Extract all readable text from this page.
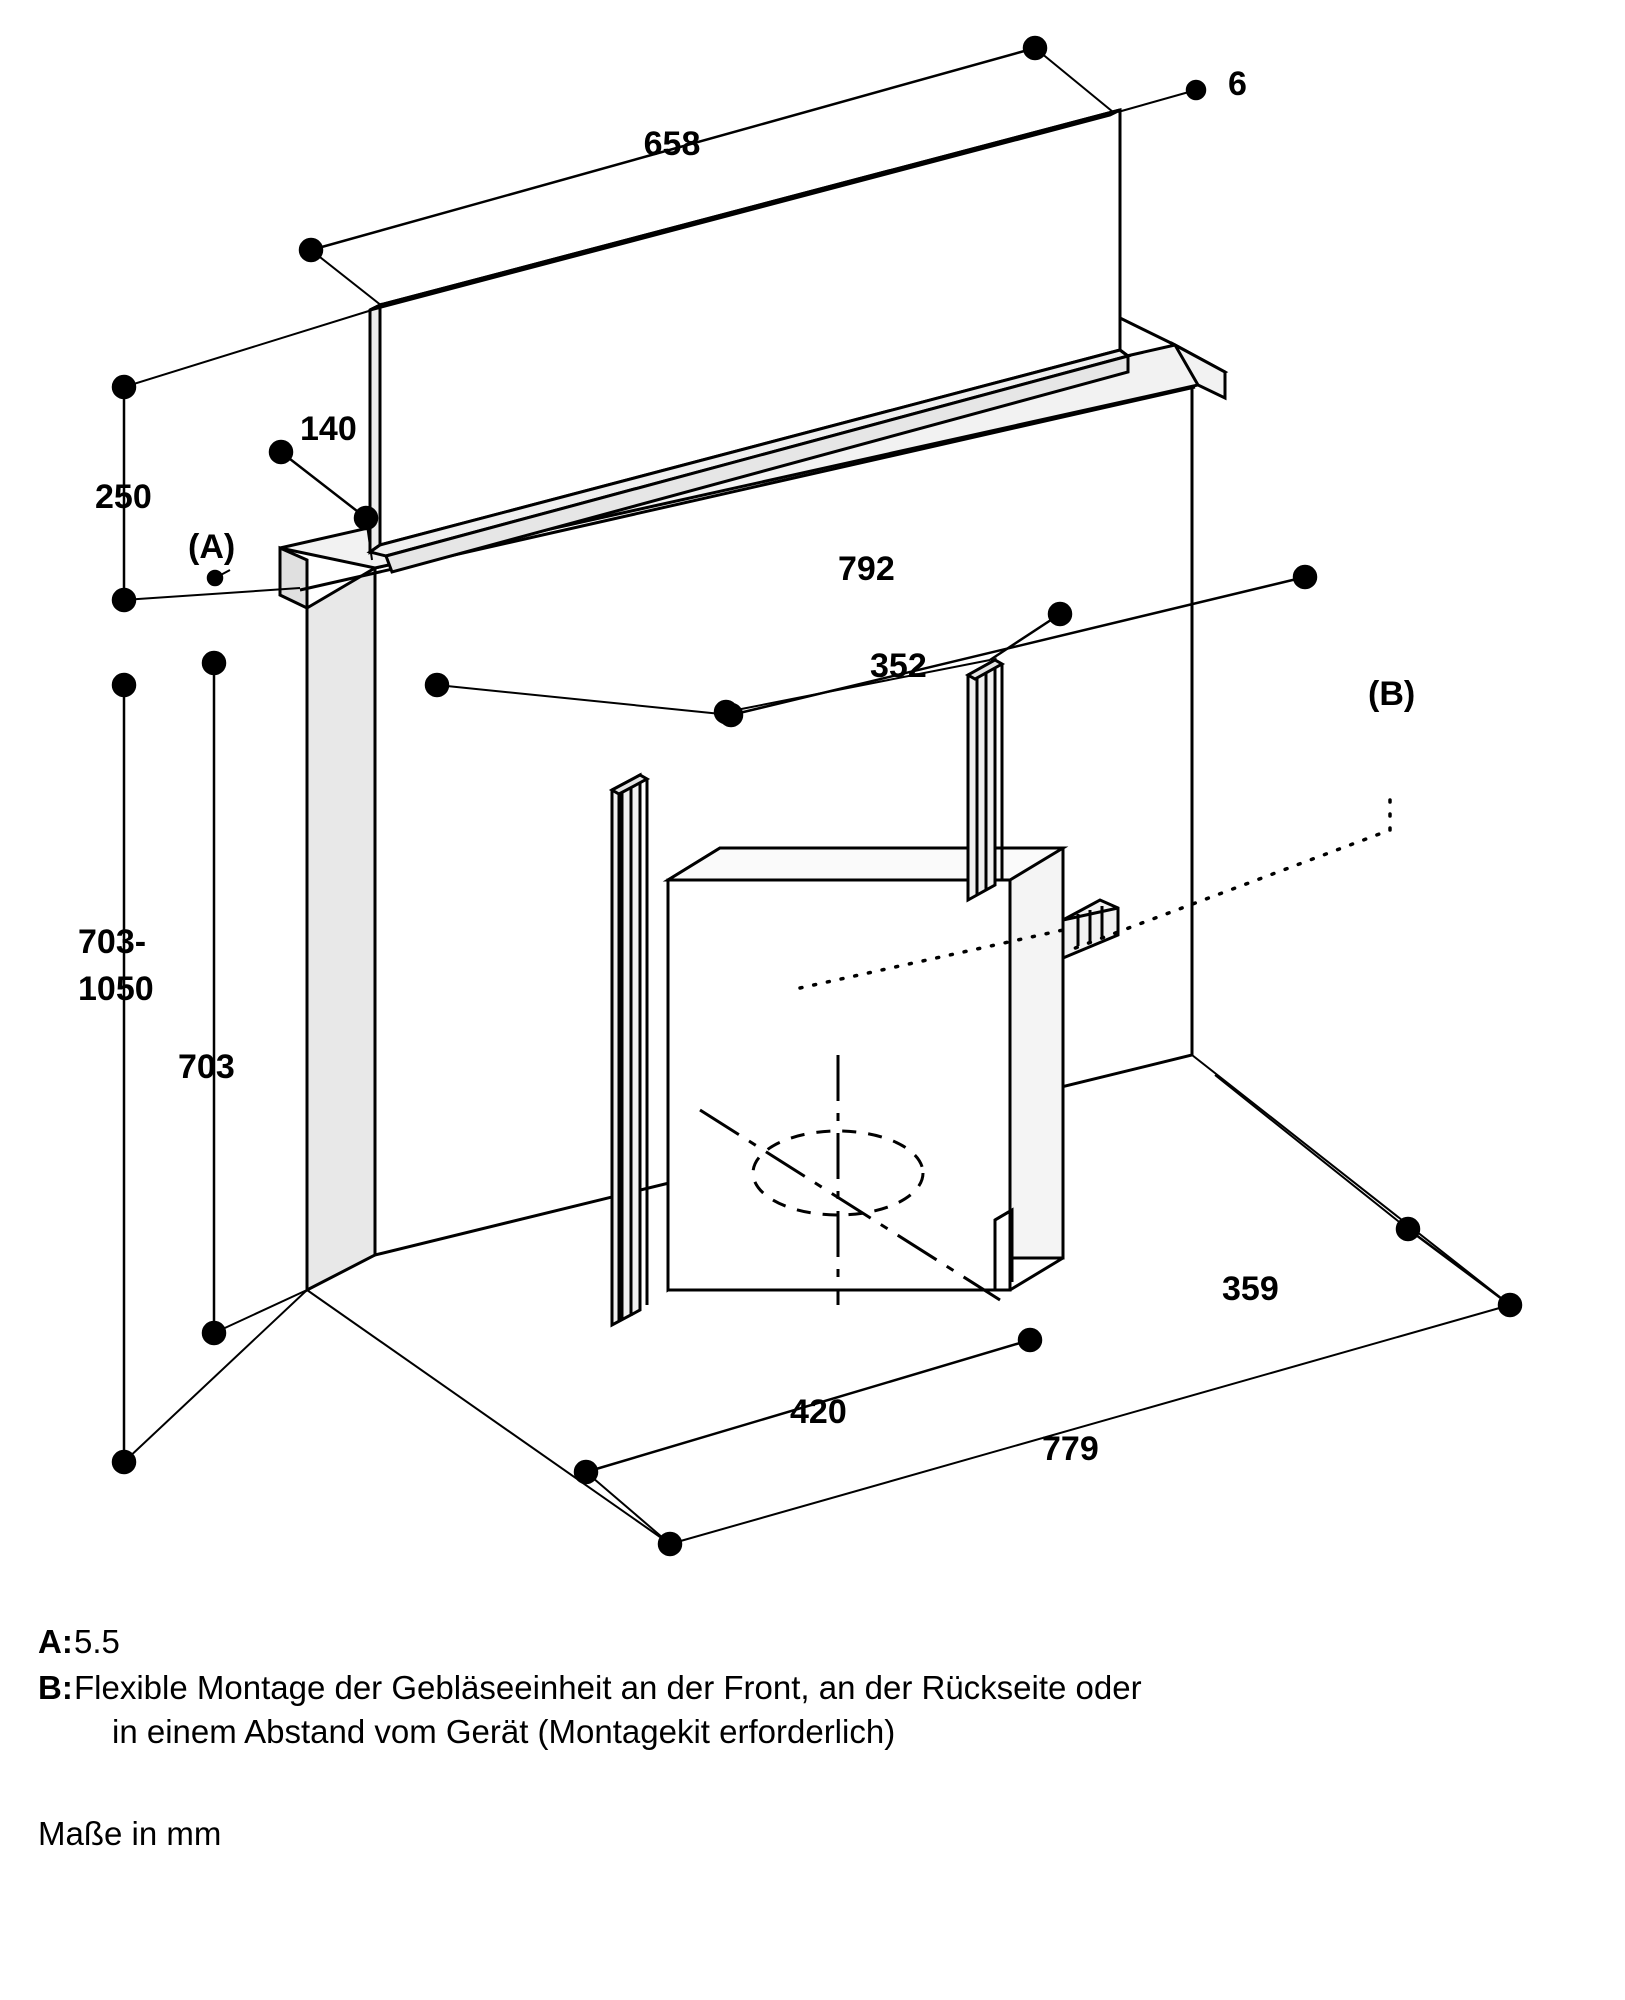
658
6
140
250
792
352
703-
1050
703
359
420
779
(A)
(B)
A: 5.5
B: Flexible Montage der Gebläseeinheit an der Front, an der Rückseite oder
in einem Abstand vom Gerät (Montagekit erforderlich)
Maße in mm
